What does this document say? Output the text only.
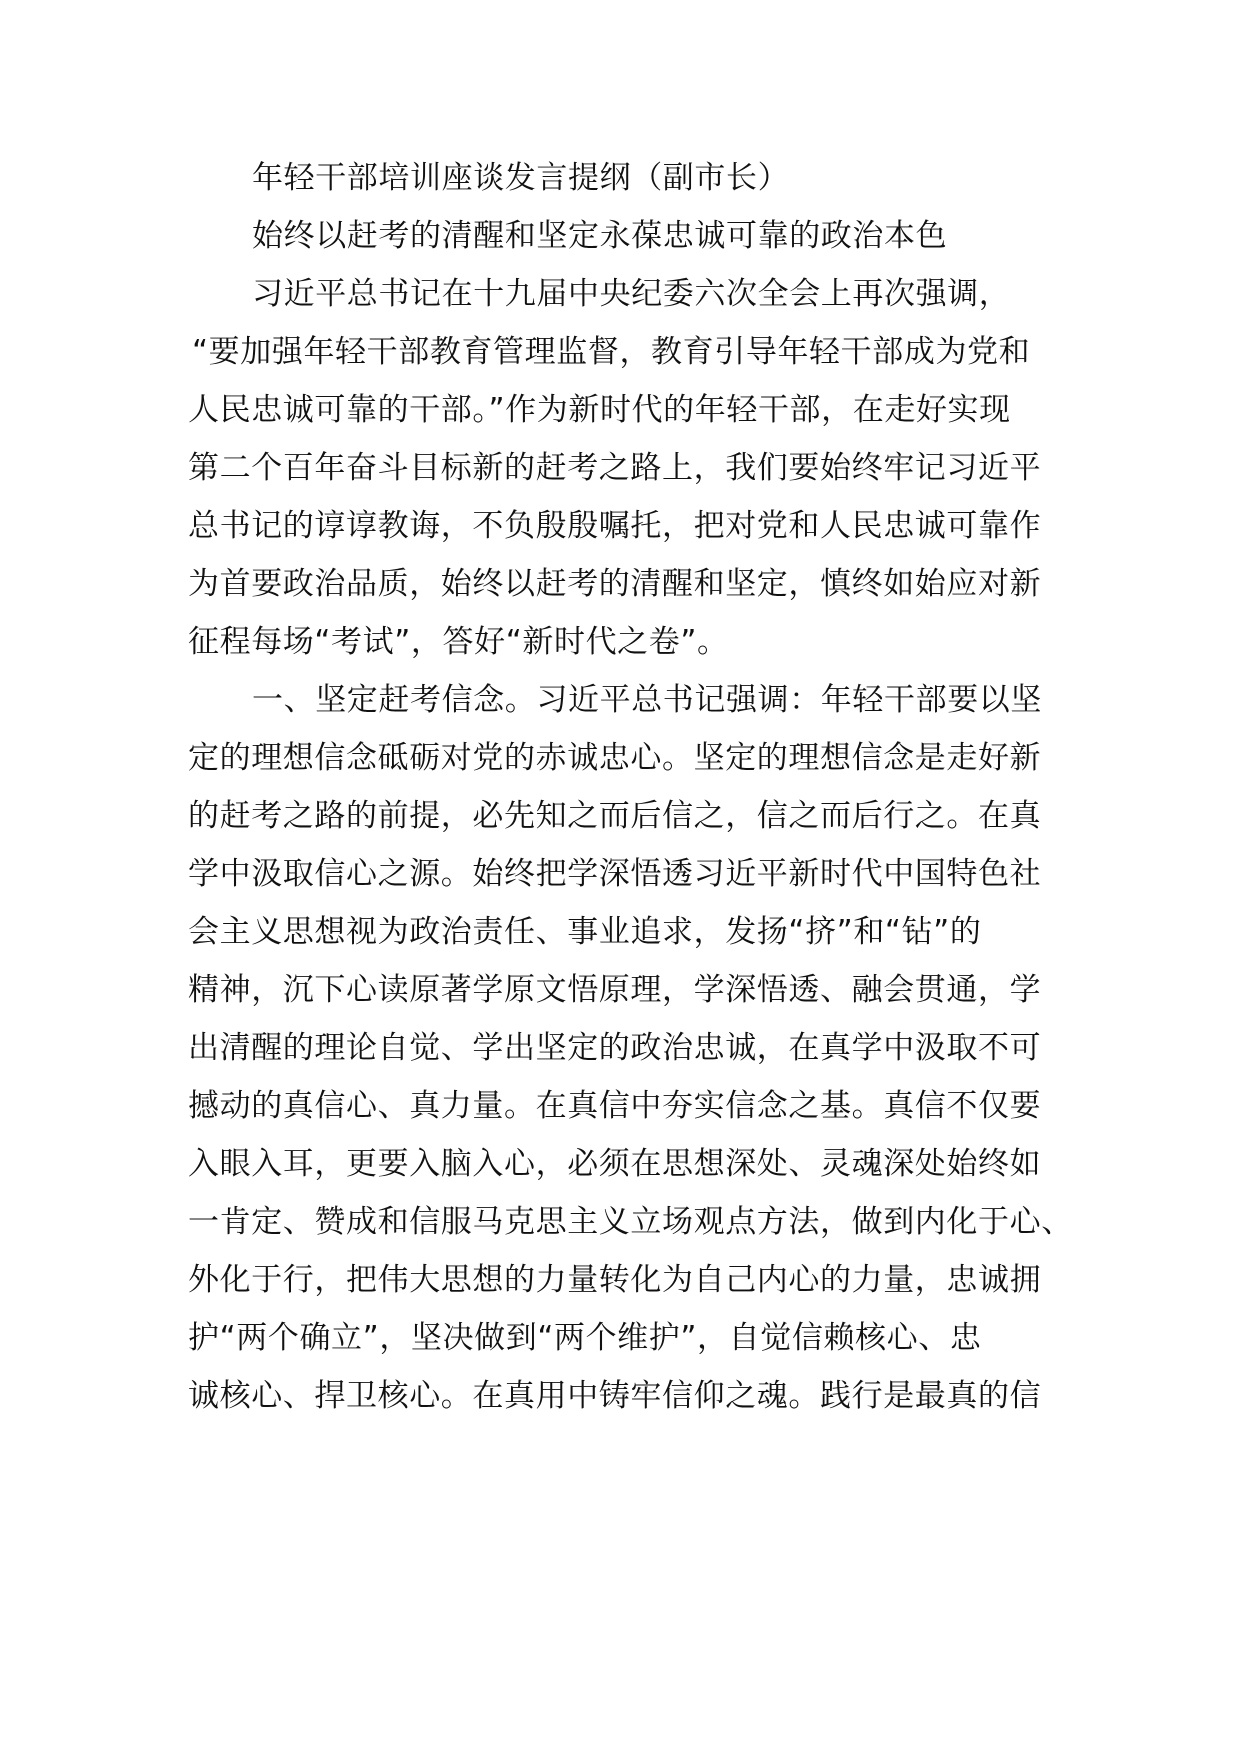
年轻干部培训座谈发言提纲（副市长）
始终以赶考的清醒和坚定永葆忠诚可靠的政治本色
习近平总书记在十九届中央纪委六次全会上再次强调，
“要加强年轻干部教育管理监督，教育引导年轻干部成为党和
人民忠诚可靠的干部。”作为新时代的年轻干部，在走好实现
第二个百年奋斗目标新的赶考之路上，我们要始终牢记习近平
总书记的谆谆教诲，不负殷殷嘱托，把对党和人民忠诚可靠作
为首要政治品质，始终以赶考的清醒和坚定，慎终如始应对新
征程每场“考试”，答好“新时代之卷”。
一、坚定赶考信念。习近平总书记强调：年轻干部要以坚
定的理想信念砥砺对党的赤诚忠心。坚定的理想信念是走好新
的赶考之路的前提，必先知之而后信之，信之而后行之。在真
学中汲取信心之源。始终把学深悟透习近平新时代中国特色社
会主义思想视为政治责任、事业追求，发扬“挤”和“钻”的
精神，沉下心读原著学原文悟原理，学深悟透、融会贯通，学
出清醒的理论自觉、学出坚定的政治忠诚，在真学中汲取不可
撼动的真信心、真力量。在真信中夯实信念之基。真信不仅要
入眼入耳，更要入脑入心，必须在思想深处、灵魂深处始终如
一肯定、赞成和信服马克思主义立场观点方法，做到内化于心、
外化于行，把伟大思想的力量转化为自己内心的力量，忠诚拥
护“两个确立”，坚决做到“两个维护”，自觉信赖核心、忠
诚核心、捍卫核心。在真用中铸牢信仰之魂。践行是最真的信
